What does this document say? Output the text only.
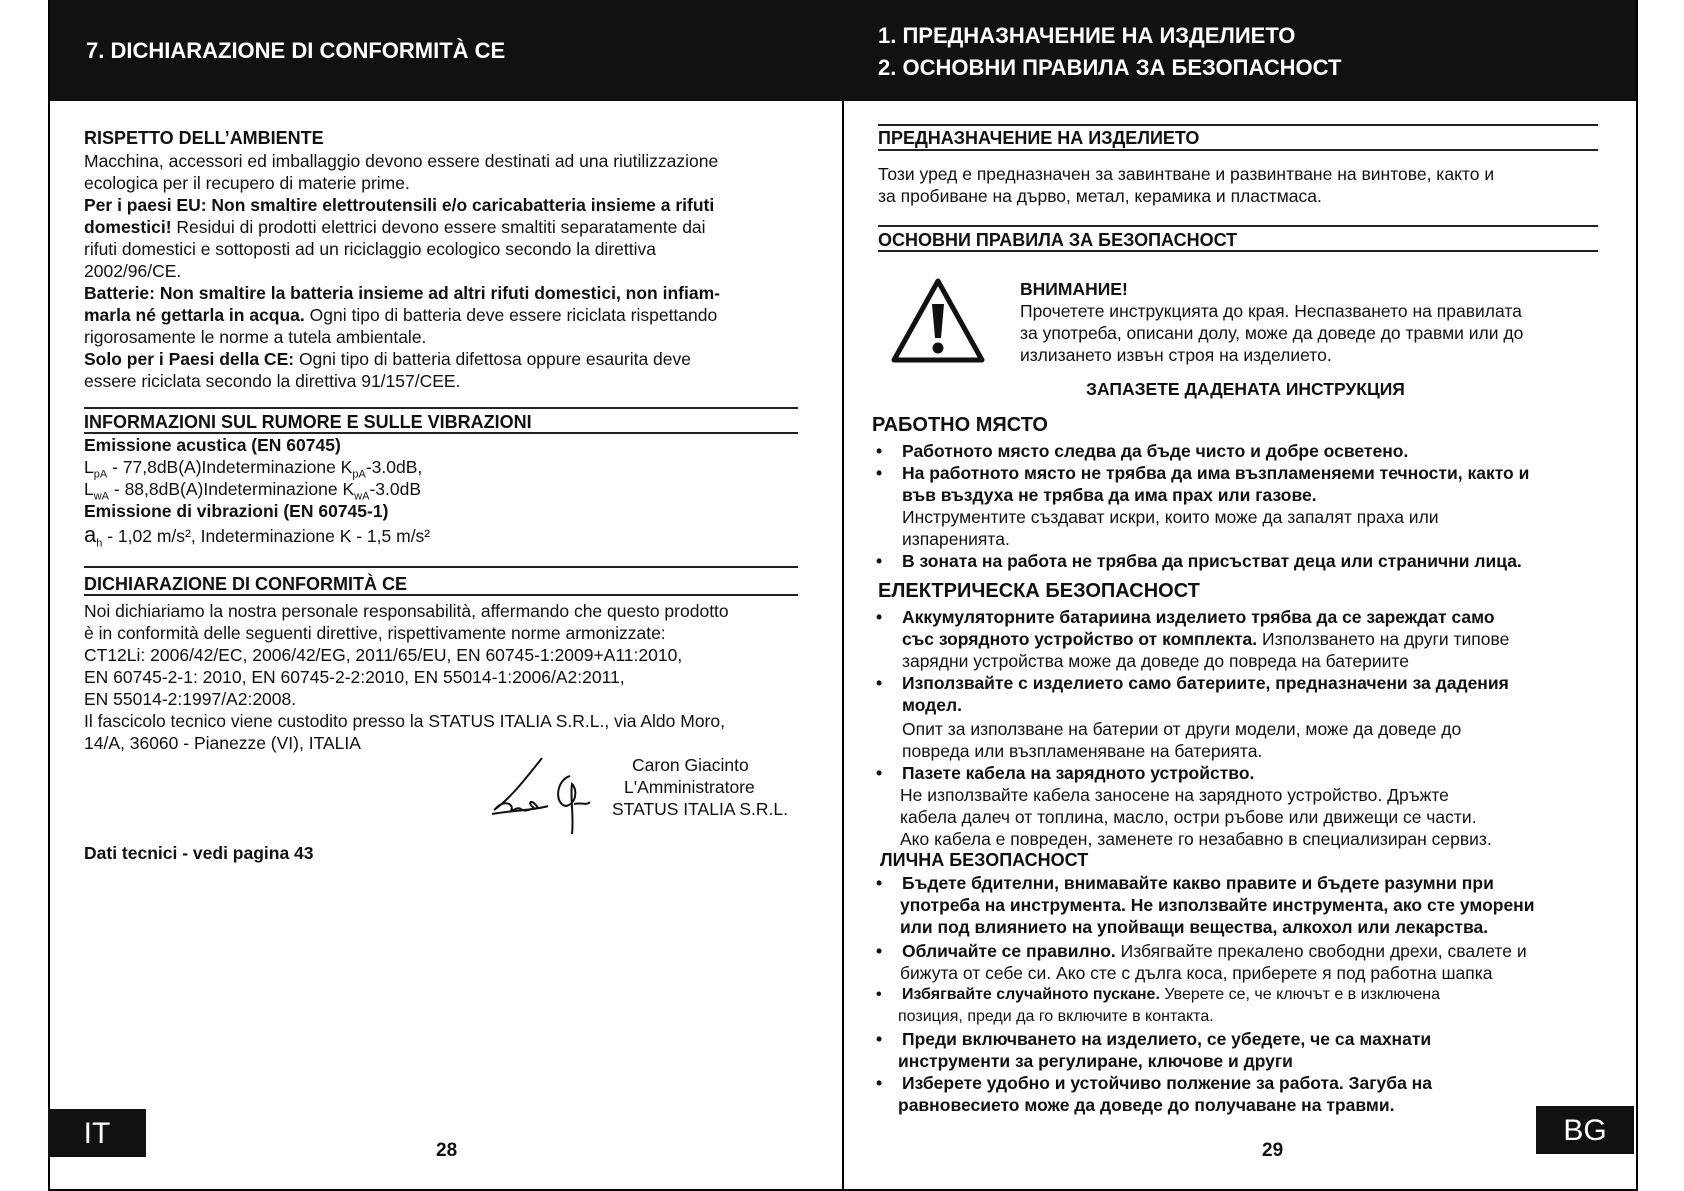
7. DICHIARAZIONE DI CONFORMITÀ CE
RISPETTO DELL’AMBIENTE
Macchina, accessori ed imballaggio devono essere destinati ad una riutilizzazione
ecologica per il recupero di materie prime.
Per i paesi EU: Non smaltire elettroutensili e/o caricabatteria insieme a rifuti
domestici! Residui di prodotti elettrici devono essere smaltiti separatamente dai
rifuti domestici e sottoposti ad un riciclaggio ecologico secondo la direttiva
2002/96/CE.
Batterie: Non smaltire la batteria insieme ad altri rifuti domestici, non infiam-
marla né gettarla in acqua. Ogni tipo di batteria deve essere riciclata rispettando
rigorosamente le norme a tutela ambientale.
Solo per i Paesi della CE: Ogni tipo di batteria difettosa oppure esaurita deve
essere riciclata secondo la direttiva 91/157/CEE.
INFORMAZIONI SUL RUMORE E SULLE VIBRAZIONI
Emissione acustica (EN 60745)
$L_{pA}$ - 77,8dB(A)Indeterminazione $K_{pA}-3.0dB$,
$L_{wA}$ - 88,8dB(A)Indeterminazione $K_{wA}-3.0dB$
Emissione di vibrazioni (EN 60745-1)
$a_h - 1,02$ m/s², Indeterminazione K - 1,5 m/s²
DICHIARAZIONE DI CONFORMITÀ CE
Noi dichiariamo la nostra personale responsabilità, affermando che questo prodotto
è in conformità delle seguenti direttive, rispettivamente norme armonizzate:
CT12Li: 2006/42/EC, 2006/42/EG, 2011/65/EU, EN 60745-1:2009+A11:2010,
EN 60745-2-1: 2010, EN 60745-2-2:2010, EN 55014-1:2006/A2:2011,
EN 55014-2:1997/A2:2008.
Il fascicolo tecnico viene custodito presso la STATUS ITALIA S.R.L., via Aldo Moro,
14/A, 36060 - Pianezze (VI), ITALIA
Caron Giacinto
L'Amministratore
STATUS ITALIA S.R.L.
Dati tecnici - vedi pagina 43
IT
28
1. ПРЕДНАЗНАЧЕНИЕ НА ИЗДЕЛИЕТО
2. ОСНОВНИ ПРАВИЛА ЗА БЕЗОПАСНОСТ
ПРЕДНАЗНАЧЕНИЕ НА ИЗДЕЛИЕТО
Този уред е предназначен за завинтване и развинтване на винтове, както и
за пробиване на дърво, метал, керамика и пластмаса.
ОСНОВНИ ПРАВИЛА ЗА БЕЗОПАСНОСТ
ВНИМАНИЕ!
Прочетете инструкцията до края. Неспазването на правилата
за употреба, описани долу, може да доведе до травми или до
излизането извън строя на изделието.
ЗАПАЗЕТЕ ДАДЕНАТА ИНСТРУКЦИЯ
РАБОТНО МЯСТО
• Работното място следва да бъде чисто и добре осветено.
• На работното място не трябва да има възпламеняеми течности, както и
във въздуха не трябва да има прах или газове.
Инструментите създават искри, които може да запалят праха или
изпаренията.
• В зоната на работа не трябва да присъстват деца или странични лица.
ЕЛЕКТРИЧЕСКА БЕЗОПАСНОСТ
• Аккумуляторните батариина изделието трябва да се зареждат само
със зорядното устройство от комплекта. Използването на други типове
зарядни устройства може да доведе до повреда на батериите
• Използвайте с изделието само батериите, предназначени за дадения
модел.
Опит за използване на батерии от други модели, може да доведе до
повреда или възпламеняване на батерията.
• Пазете кабела на зарядното устройство.
Не използвайте кабела заносене на зарядното устройство. Дръжте
кабела далеч от топлина, масло, остри ръбове или движещи се части.
Ако кабела е повреден, заменете го незабавно в специализиран сервиз.
ЛИЧНА БЕЗОПАСНОСТ
• Бъдете бдителни, внимавайте какво правите и бъдете разумни при
употреба на инструмента. Не използвайте инструмента, ако сте уморени
или под влиянието на упойващи вещества, алкохол или лекарства.
• Обличайте се правилно. Избягвайте прекалено свободни дрехи, свалете и
бижута от себе си. Ако сте с дълга коса, приберете я под работна шапка
• Избягвайте случайното пускане. Уверете се, че ключът е в изключена
позиция, преди да го включите в контакта.
• Преди включването на изделието, се убедете, че са махнати
инструменти за регулиране, ключове и други
• Изберете удобно и устойчиво полжение за работа. Загуба на
равновесието може да доведе до получаване на травми.
29
BG
